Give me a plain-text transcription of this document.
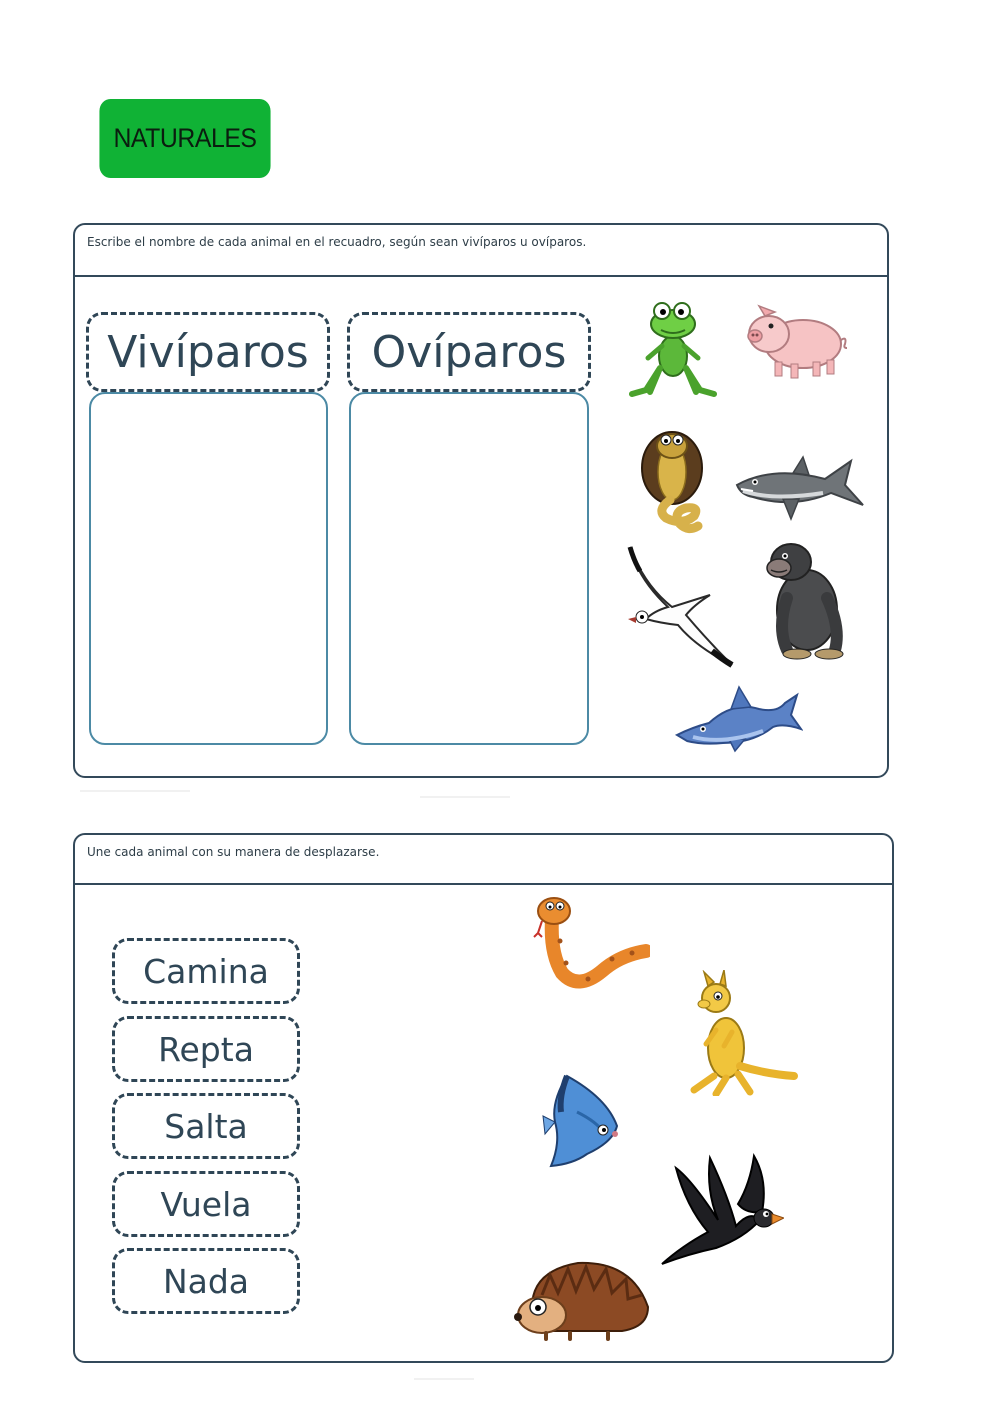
NATURALES
Escribe el nombre de cada animal en el recuadro, según sean vivíparos u ovíparos.
Vivíparos	Ovíparos
Une cada animal con su manera de desplazarse.
Camina
Repta
Salta
Vuela
Nada
